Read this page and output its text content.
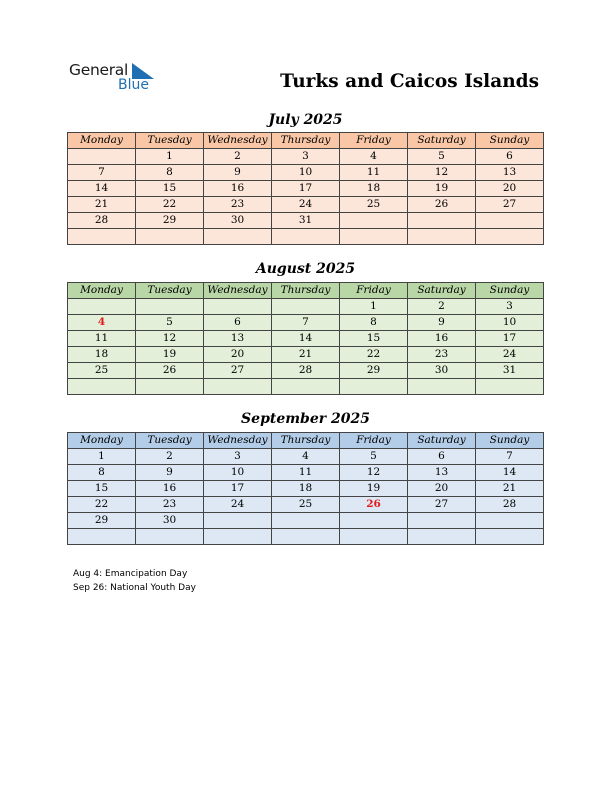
General
Blue	Turks and Caicos Islands
July 2025
Monday	Tuesday	Wednesday	Thursday	Friday	Saturday	Sunday
	1	2	3	4	5	6
7	8	9	10	11	12	13
14	15	16	17	18	19	20
21	22	23	24	25	26	27
28	29	30	31			

August 2025
Monday	Tuesday	Wednesday	Thursday	Friday	Saturday	Sunday
				1	2	3
4	5	6	7	8	9	10
11	12	13	14	15	16	17
18	19	20	21	22	23	24
25	26	27	28	29	30	31

September 2025
Monday	Tuesday	Wednesday	Thursday	Friday	Saturday	Sunday
1	2	3	4	5	6	7
8	9	10	11	12	13	14
15	16	17	18	19	20	21
22	23	24	25	26	27	28
29	30					

Aug 4: Emancipation Day
Sep 26: National Youth Day
